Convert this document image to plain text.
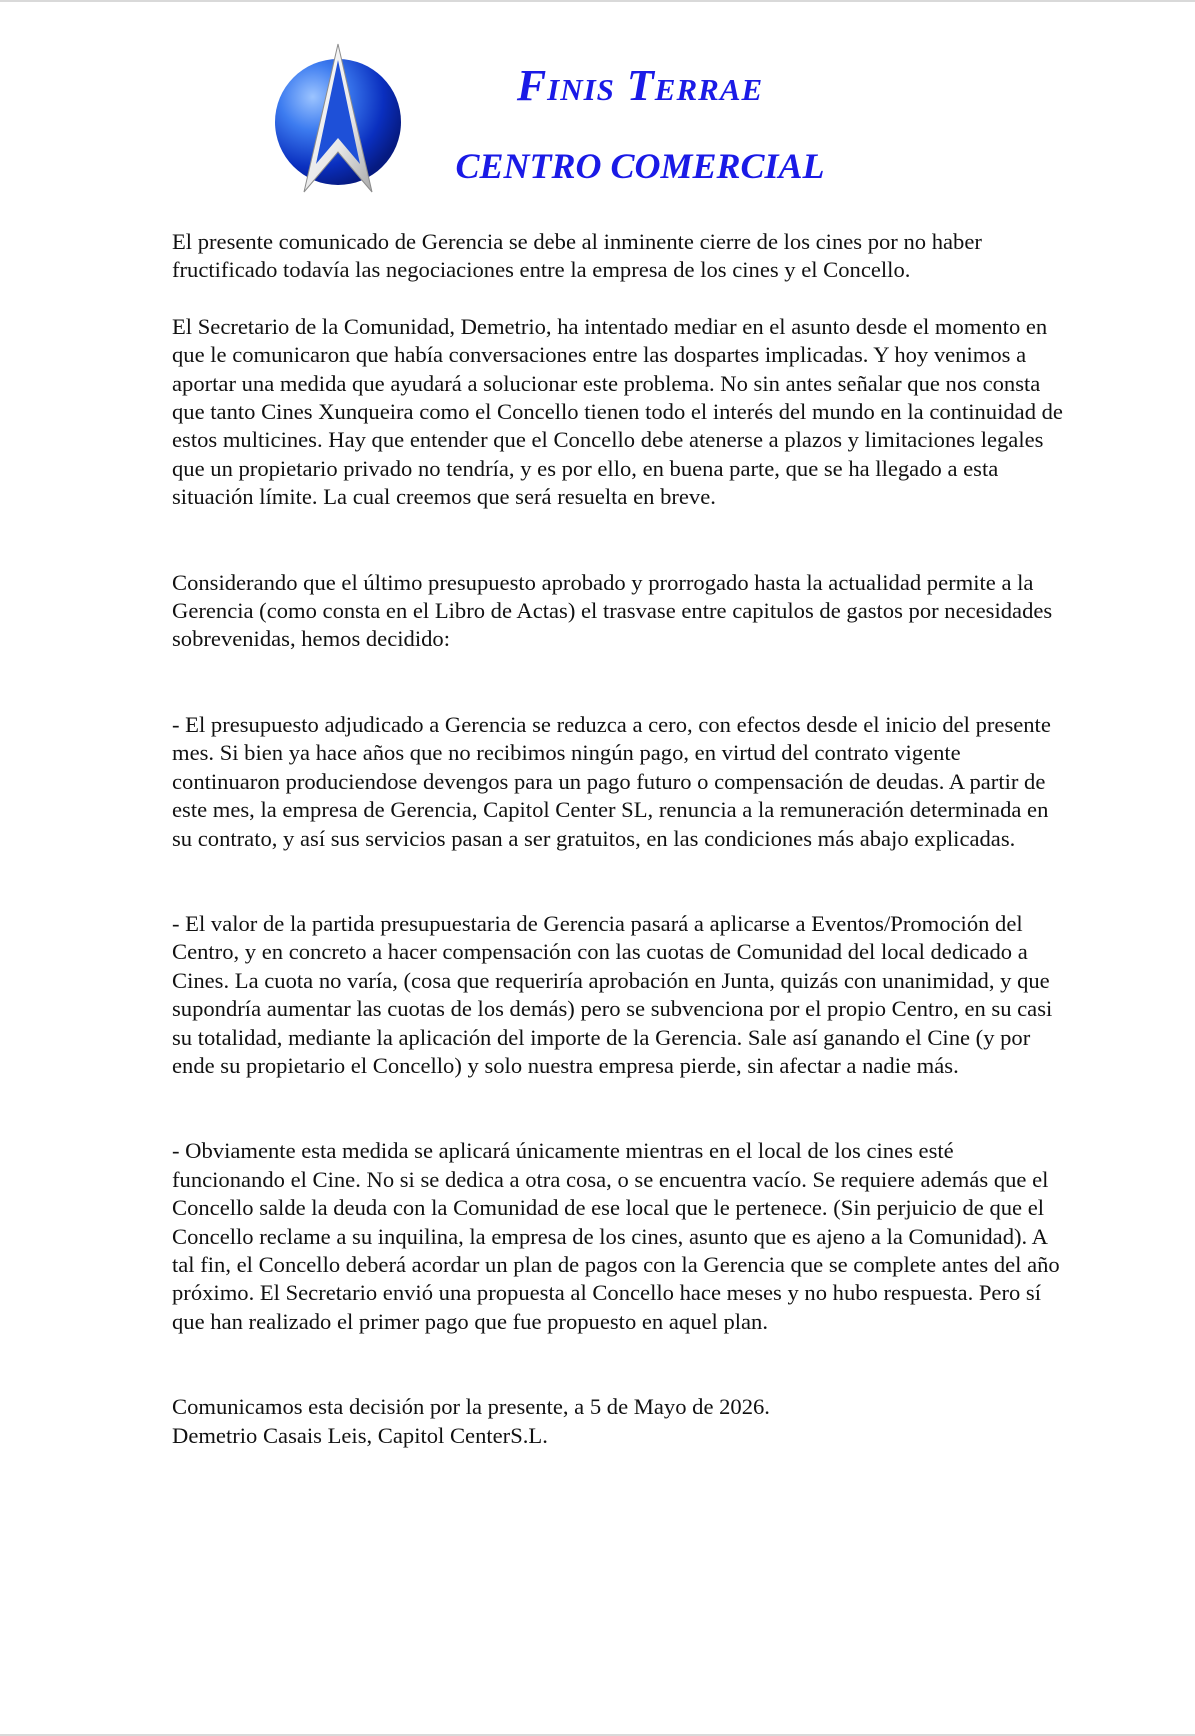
Finis Terrae
CENTRO COMERCIAL

El presente comunicado de Gerencia se debe al inminente cierre de los cines por no haber fructificado todavía las negociaciones entre la empresa de los cines y el Concello.

El Secretario de la Comunidad, Demetrio, ha intentado mediar en el asunto desde el momento en que le comunicaron que había conversaciones entre las dospartes implicadas. Y hoy venimos a aportar una medida que ayudará a solucionar este problema. No sin antes señalar que nos consta que tanto Cines Xunqueira como el Concello tienen todo el interés del mundo en la continuidad de estos multicines. Hay que entender que el Concello debe atenerse a plazos y limitaciones legales que un propietario privado no tendría, y es por ello, en buena parte, que se ha llegado a esta situación límite. La cual creemos que será resuelta en breve.

Considerando que el último presupuesto aprobado y prorrogado hasta la actualidad permite a la Gerencia (como consta en el Libro de Actas) el trasvase entre capitulos de gastos por necesidades sobrevenidas, hemos decidido:

- El presupuesto adjudicado a Gerencia se reduzca a cero, con efectos desde el inicio del presente mes. Si bien ya hace años que no recibimos ningún pago, en virtud del contrato vigente continuaron produciendose devengos para un pago futuro o compensación de deudas. A partir de este mes, la empresa de Gerencia, Capitol Center SL, renuncia a la remuneración determinada en su contrato, y así sus servicios pasan a ser gratuitos, en las condiciones más abajo explicadas.

- El valor de la partida presupuestaria de Gerencia pasará a aplicarse a Eventos/Promoción del Centro, y en concreto a hacer compensación con las cuotas de Comunidad del local dedicado a Cines. La cuota no varía, (cosa que requeriría aprobación en Junta, quizás con unanimidad, y que supondría aumentar las cuotas de los demás) pero se subvenciona por el propio Centro, en su casi su totalidad, mediante la aplicación del importe de la Gerencia. Sale así ganando el Cine (y por ende su propietario el Concello) y solo nuestra empresa pierde, sin afectar a nadie más.

- Obviamente esta medida se aplicará únicamente mientras en el local de los cines esté funcionando el Cine. No si se dedica a otra cosa, o se encuentra vacío. Se requiere además que el Concello salde la deuda con la Comunidad de ese local que le pertenece. (Sin perjuicio de que el Concello reclame a su inquilina, la empresa de los cines, asunto que es ajeno a la Comunidad). A tal fin, el Concello deberá acordar un plan de pagos con la Gerencia que se complete antes del año próximo. El Secretario envió una propuesta al Concello hace meses y no hubo respuesta. Pero sí que han realizado el primer pago que fue propuesto en aquel plan.

Comunicamos esta decisión por la presente, a 5 de Mayo de 2026.

Demetrio Casais Leis, Capitol CenterS.L.
